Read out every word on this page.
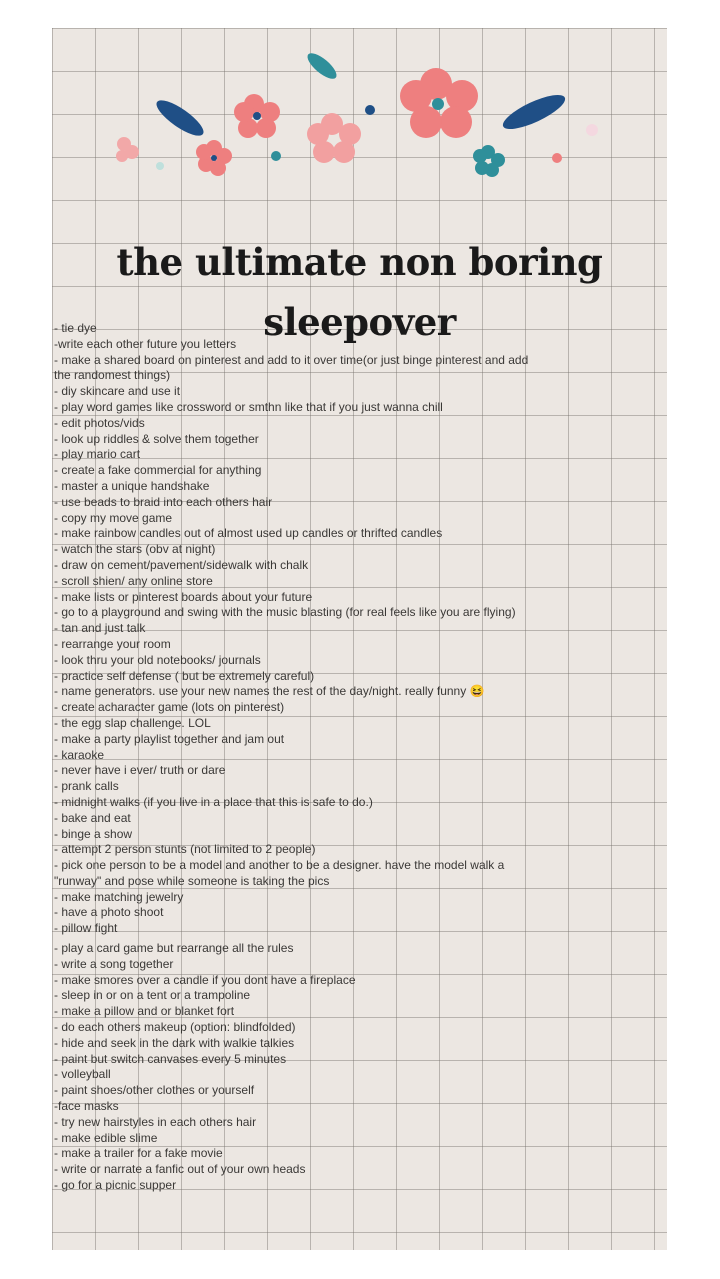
the ultimate non boring
sleepover
- tie dye
-write each other future you letters
- make a shared board on pinterest and add to it over time(or just binge pinterest and add the randomest things)
- diy skincare and use it
- play word games like crossword or smthn like that if you just wanna chill
- edit photos/vids
- look up riddles & solve them together
- play mario cart
- create a fake commercial for anything
- master a unique handshake
- use beads to braid into each others hair
- copy my move game
- make rainbow candles out of almost used up candles or thrifted candles
- watch the stars (obv at night)
- draw on cement/pavement/sidewalk with chalk
- scroll shien/ any online store
- make lists or pinterest boards about your future
- go to a playground and swing with the music blasting (for real feels like you are flying)
- tan and just talk
- rearrange your room
- look thru your old notebooks/ journals
- practice self defense ( but be extremely careful)
- name generators. use your new names the rest of the day/night. really funny 😆
- create acharacter game (lots on pinterest)
- the egg slap challenge. LOL
- make a party playlist together and jam out
- karaoke
- never have i ever/ truth or dare
- prank calls
- midnight walks (if you live in a place that this is safe to do.)
- bake and eat
- binge a show
- attempt 2 person stunts (not limited to 2 people)
- pick one person to be a model and another to be a designer. have the model walk a "runway" and pose while someone is taking the pics
- make matching jewelry
- have a photo shoot
- pillow fight
- play a card game but rearrange all the rules
- write a song together
- make smores over a candle if you dont have a fireplace
- sleep in or on a tent or a trampoline
- make a pillow and or blanket fort
- do each others makeup (option: blindfolded)
- hide and seek in the dark with walkie talkies
- paint but switch canvases every 5 minutes
- volleyball
- paint shoes/other clothes or yourself
-face masks
- try new hairstyles in each others hair
- make edible slime
- make a trailer for a fake movie
- write or narrate a fanfic out of your own heads
- go for a picnic supper
